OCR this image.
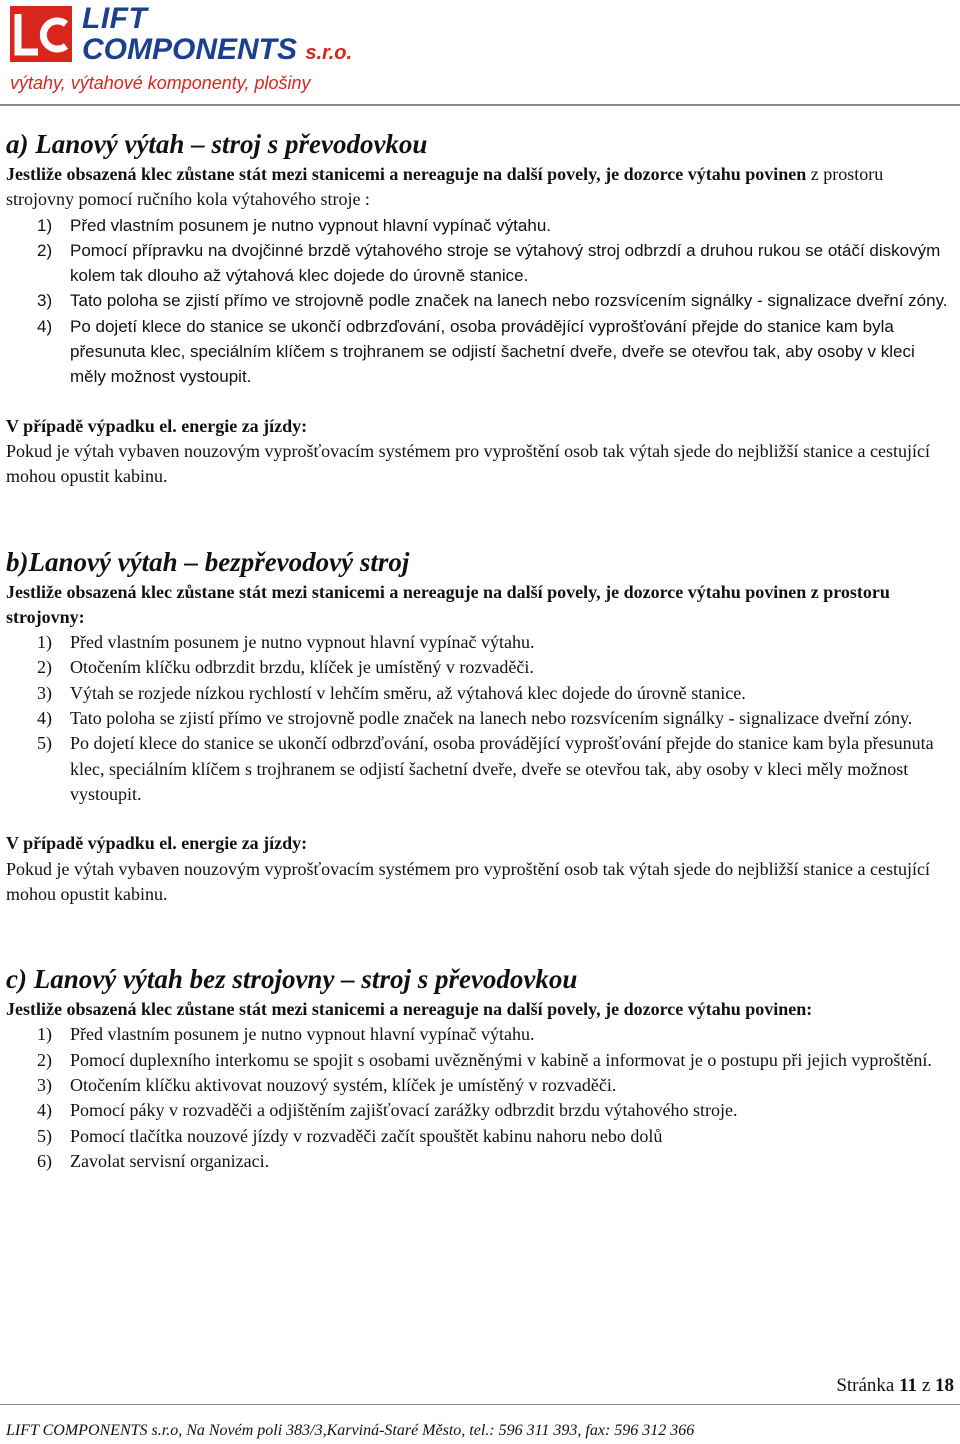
LIFT
COMPONENTS s.r.o.
výtahy, výtahové komponenty, plošiny
a) Lanový výtah – stroj s převodovkou

Jestliže obsazená klec zůstane stát mezi stanicemi a nereaguje na další povely, je dozorce výtahu povinen z prostoru strojovny pomocí ručního kola výtahového stroje :

1) Před vlastním posunem je nutno vypnout hlavní vypínač výtahu.
2) Pomocí přípravku na dvojčinné brzdě výtahového stroje se výtahový stroj odbrzdí a druhou rukou se otáčí diskovým kolem tak dlouho až výtahová klec dojede do úrovně stanice.
3) Tato poloha se zjistí přímo ve strojovně podle značek na lanech nebo rozsvícením signálky - signalizace dveřní zóny.
4) Po dojetí klece do stanice se ukončí odbrzďování, osoba provádějící vyprošťování přejde do stanice kam byla přesunuta klec, speciálním klíčem s trojhranem se odjistí šachetní dveře, dveře se otevřou tak, aby osoby v kleci měly možnost vystoupit.

V případě výpadku el. energie za jízdy:

Pokud je výtah vybaven nouzovým vyprošťovacím systémem pro vyproštění osob tak výtah sjede do nejbližší stanice a cestující mohou opustit kabinu.

b)Lanový výtah – bezpřevodový stroj

Jestliže obsazená klec zůstane stát mezi stanicemi a nereaguje na další povely, je dozorce výtahu povinen z prostoru strojovny:

1) Před vlastním posunem je nutno vypnout hlavní vypínač výtahu.
2) Otočením klíčku odbrzdit brzdu, klíček je umístěný v rozvaděči.
3) Výtah se rozjede nízkou rychlostí v lehčím směru, až výtahová klec dojede do úrovně stanice.
4) Tato poloha se zjistí přímo ve strojovně podle značek na lanech nebo rozsvícením signálky - signalizace dveřní zóny.
5) Po dojetí klece do stanice se ukončí odbrzďování, osoba provádějící vyprošťování přejde do stanice kam byla přesunuta klec, speciálním klíčem s trojhranem se odjistí šachetní dveře, dveře se otevřou tak, aby osoby v kleci měly možnost vystoupit.

V případě výpadku el. energie za jízdy:

Pokud je výtah vybaven nouzovým vyprošťovacím systémem pro vyproštění osob tak výtah sjede do nejbližší stanice a cestující mohou opustit kabinu.

c) Lanový výtah bez strojovny – stroj s převodovkou

Jestliže obsazená klec zůstane stát mezi stanicemi a nereaguje na další povely, je dozorce výtahu povinen:

1) Před vlastním posunem je nutno vypnout hlavní vypínač výtahu.
2) Pomocí duplexního interkomu se spojit s osobami uvězněnými v kabině a informovat je o postupu při jejich vyproštění.
3) Otočením klíčku aktivovat nouzový systém, klíček je umístěný v rozvaděči.
4) Pomocí páky v rozvaděči a odjištěním zajišťovací zarážky odbrzdit brzdu výtahového stroje.
5) Pomocí tlačítka nouzové jízdy v rozvaděči začít spouštět kabinu nahoru nebo dolů
6) Zavolat servisní organizaci.
Stránka 11 z 18
LIFT COMPONENTS s.r.o, Na Novém poli 383/3,Karviná-Staré Město, tel.: 596 311 393, fax: 596 312 366
